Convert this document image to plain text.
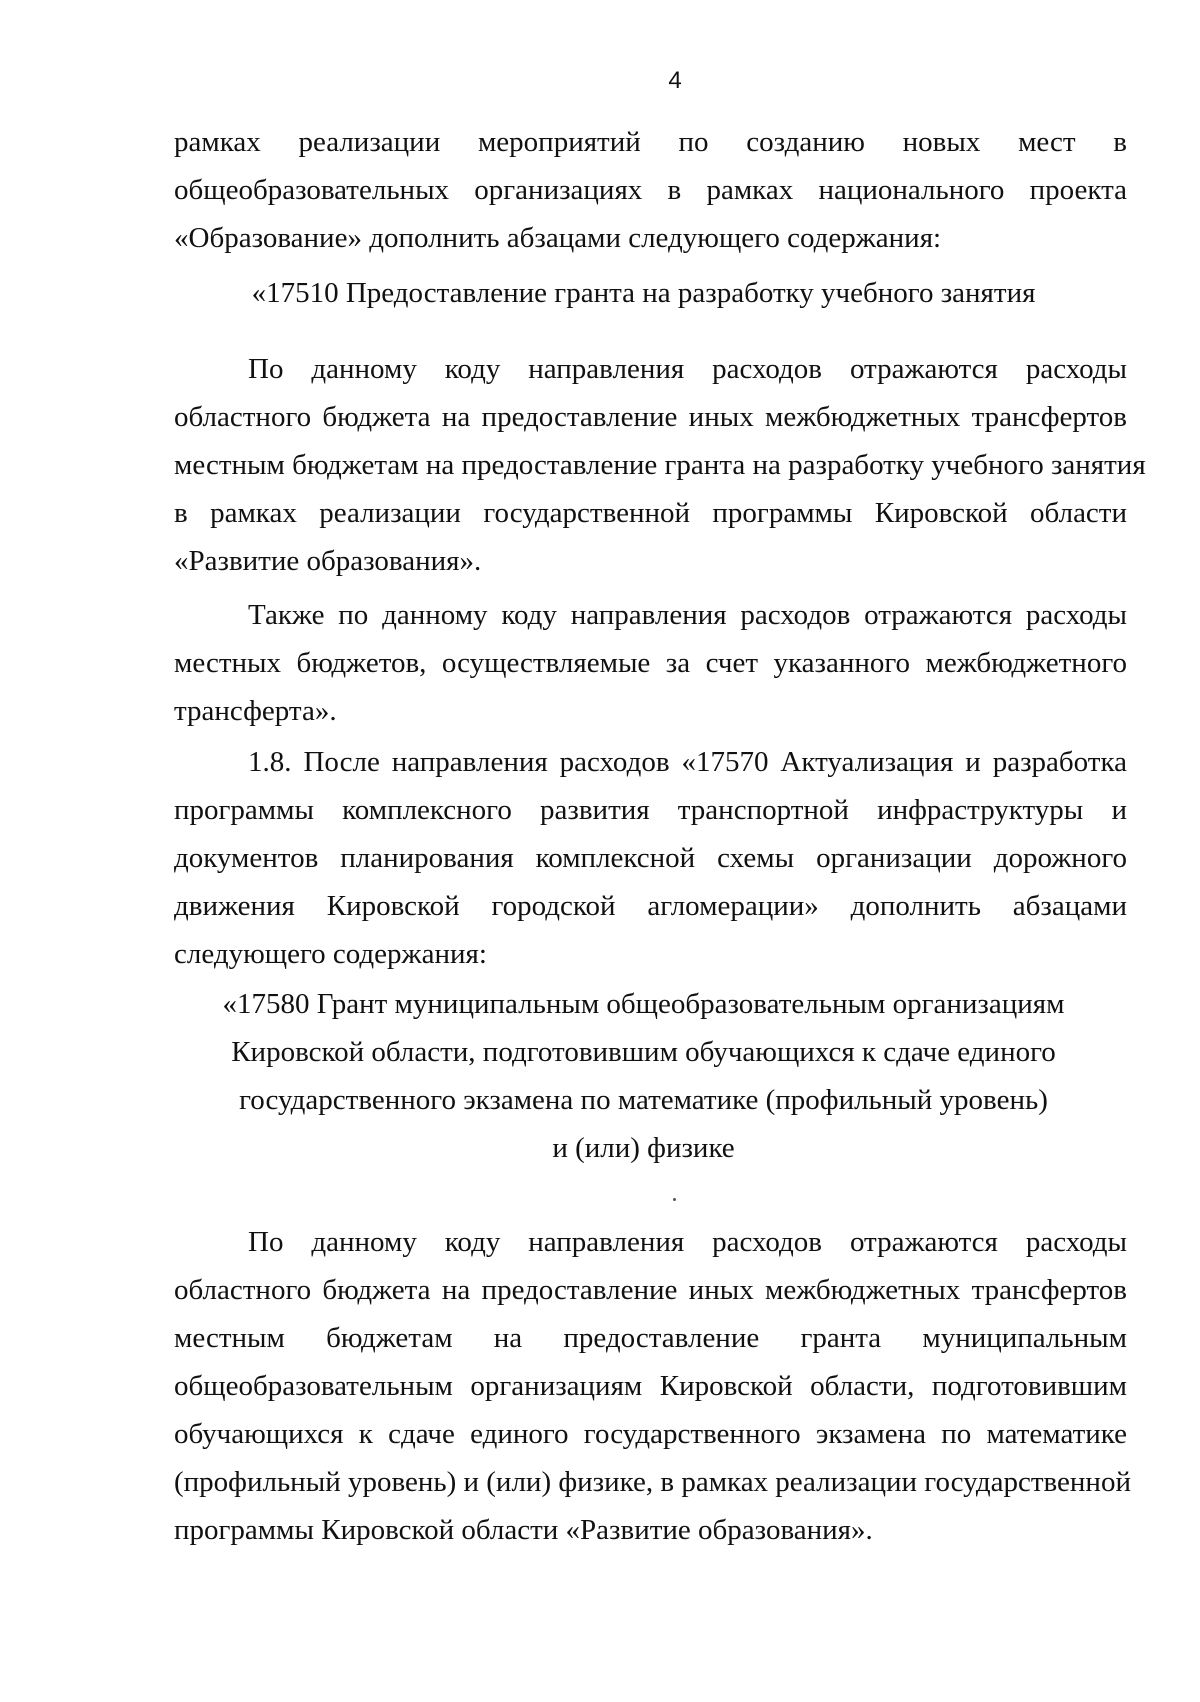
4
рамках реализации мероприятий по созданию новых мест в
общеобразовательных организациях в рамках национального проекта
«Образование» дополнить абзацами следующего содержания:
«17510 Предоставление гранта на разработку учебного занятия
По данному коду направления расходов отражаются расходы
областного бюджета на предоставление иных межбюджетных трансфертов
местным бюджетам на предоставление гранта на разработку учебного занятия
в рамках реализации государственной программы Кировской области
«Развитие образования».
Также по данному коду направления расходов отражаются расходы
местных бюджетов, осуществляемые за счет указанного межбюджетного
трансферта».
1.8. После направления расходов «17570 Актуализация и разработка
программы комплексного развития транспортной инфраструктуры и
документов планирования комплексной схемы организации дорожного
движения Кировской городской агломерации» дополнить абзацами
следующего содержания:
«17580 Грант муниципальным общеобразовательным организациям
Кировской области, подготовившим обучающихся к сдаче единого
государственного экзамена по математике (профильный уровень)
и (или) физике
По данному коду направления расходов отражаются расходы
областного бюджета на предоставление иных межбюджетных трансфертов
местным бюджетам на предоставление гранта муниципальным
общеобразовательным организациям Кировской области, подготовившим
обучающихся к сдаче единого государственного экзамена по математике
(профильный уровень) и (или) физике, в рамках реализации государственной
программы Кировской области «Развитие образования».
